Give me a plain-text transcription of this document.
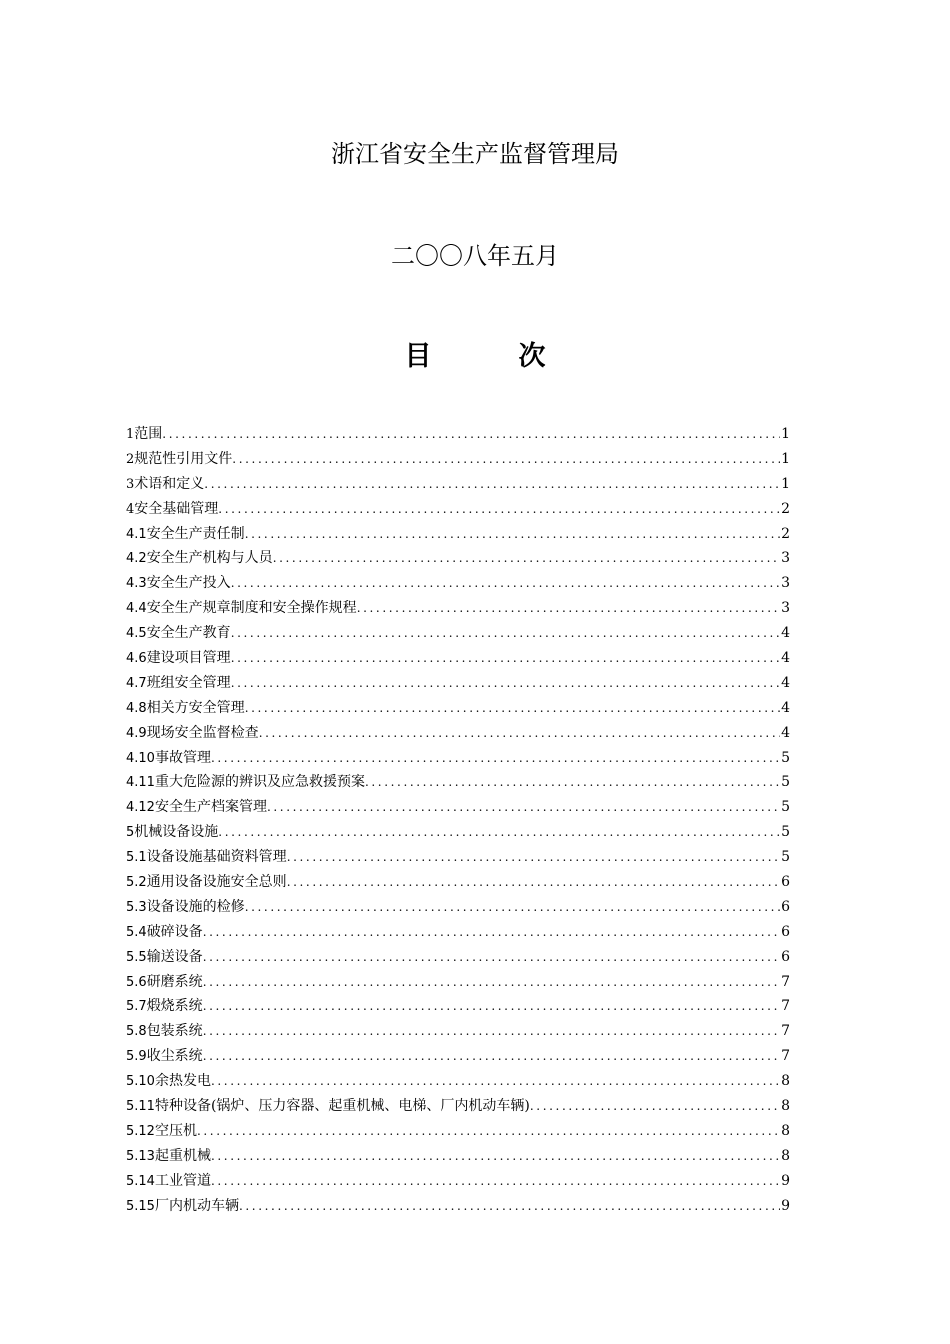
浙江省安全生产监督管理局
二〇〇八年五月
目　次
1 范围 .....	1
2 规范性引用文件 .....	1
3 术语和定义 .....	1
4 安全基础管理 .....	2
4.1 安全生产责任制 .....	2
4.2 安全生产机构与人员 .....	3
4.3 安全生产投入 .....	3
4.4 安全生产规章制度和安全操作规程 .....	3
4.5 安全生产教育 .....	4
4.6 建设项目管理 .....	4
4.7 班组安全管理 .....	4
4.8 相关方安全管理 .....	4
4.9 现场安全监督检查 .....	4
4.10 事故管理 .....	5
4.11 重大危险源的辨识及应急救援预案 .....	5
4.12 安全生产档案管理 .....	5
5 机械设备设施 .....	5
5.1 设备设施基础资料管理 .....	5
5.2 通用设备设施安全总则 .....	6
5.3 设备设施的检修 .....	6
5.4 破碎设备 .....	6
5.5 输送设备 .....	6
5.6 研磨系统 .....	7
5.7 煅烧系统 .....	7
5.8 包装系统 .....	7
5.9 收尘系统 .....	7
5.10 余热发电 .....	8
5.11 特种设备(锅炉、压力容器、起重机械、电梯、厂内机动车辆) .....	8
5.12 空压机 .....	8
5.13 起重机械 .....	8
5.14 工业管道 .....	9
5.15 厂内机动车辆 .....	9
